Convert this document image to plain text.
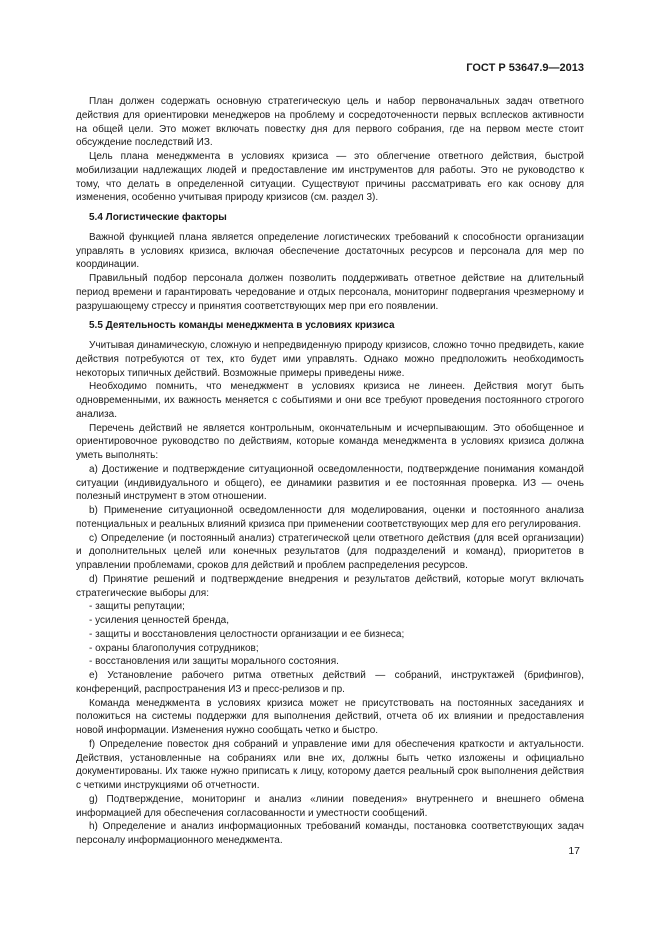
ГОСТ Р 53647.9—2013

План должен содержать основную стратегическую цель и набор первоначальных задач ответного действия для ориентировки менеджеров на проблему и сосредоточенности первых всплесков активности на общей цели. Это может включать повестку дня для первого собрания, где на первом месте стоит обсуждение последствий ИЗ.

Цель плана менеджмента в условиях кризиса — это облегчение ответного действия, быстрой мобилизации надлежащих людей и предоставление им инструментов для работы. Это не руководство к тому, что делать в определенной ситуации. Существуют причины рассматривать его как основу для изменения, особенно учитывая природу кризисов (см. раздел 3).

5.4 Логистические факторы

Важной функцией плана является определение логистических требований к способности организации управлять в условиях кризиса, включая обеспечение достаточных ресурсов и персонала для мер по координации.

Правильный подбор персонала должен позволить поддерживать ответное действие на длительный период времени и гарантировать чередование и отдых персонала, мониторинг подвергания чрезмерному и разрушающему стрессу и принятия соответствующих мер при его появлении.

5.5 Деятельность команды менеджмента в условиях кризиса

Учитывая динамическую, сложную и непредвиденную природу кризисов, сложно точно предвидеть, какие действия потребуются от тех, кто будет ими управлять. Однако можно предположить необходимость некоторых типичных действий. Возможные примеры приведены ниже.

Необходимо помнить, что менеджмент в условиях кризиса не линеен. Действия могут быть одновременными, их важность меняется с событиями и они все требуют проведения постоянного строгого анализа.

Перечень действий не является контрольным, окончательным и исчерпывающим. Это обобщенное и ориентировочное руководство по действиям, которые команда менеджмента в условиях кризиса должна уметь выполнять:

a) Достижение и подтверждение ситуационной осведомленности, подтверждение понимания командой ситуации (индивидуального и общего), ее динамики развития и ее постоянная проверка. ИЗ — очень полезный инструмент в этом отношении.

b) Применение ситуационной осведомленности для моделирования, оценки и постоянного анализа потенциальных и реальных влияний кризиса при применении соответствующих мер для его регулирования.

c) Определение (и постоянный анализ) стратегической цели ответного действия (для всей организации) и дополнительных целей или конечных результатов (для подразделений и команд), приоритетов в управлении проблемами, сроков для действий и проблем распределения ресурсов.

d) Принятие решений и подтверждение внедрения и результатов действий, которые могут включать стратегические выборы для:

- защиты репутации;

- усиления ценностей бренда,

- защиты и восстановления целостности организации и ее бизнеса;

- охраны благополучия сотрудников;

- восстановления или защиты морального состояния.

e) Установление рабочего ритма ответных действий — собраний, инструктажей (брифингов), конференций, распространения ИЗ и пресс-релизов и пр.

Команда менеджмента в условиях кризиса может не присутствовать на постоянных заседаниях и положиться на системы поддержки для выполнения действий, отчета об их влиянии и предоставления новой информации. Изменения нужно сообщать четко и быстро.

f) Определение повесток дня собраний и управление ими для обеспечения краткости и актуальности. Действия, установленные на собраниях или вне их, должны быть четко изложены и официально документированы. Их также нужно приписать к лицу, которому дается реальный срок выполнения действия с четкими инструкциями об отчетности.

g) Подтверждение, мониторинг и анализ «линии поведения» внутреннего и внешнего обмена информацией для обеспечения согласованности и уместности сообщений.

h) Определение и анализ информационных требований команды, постановка соответствующих задач персоналу информационного менеджмента.

17
